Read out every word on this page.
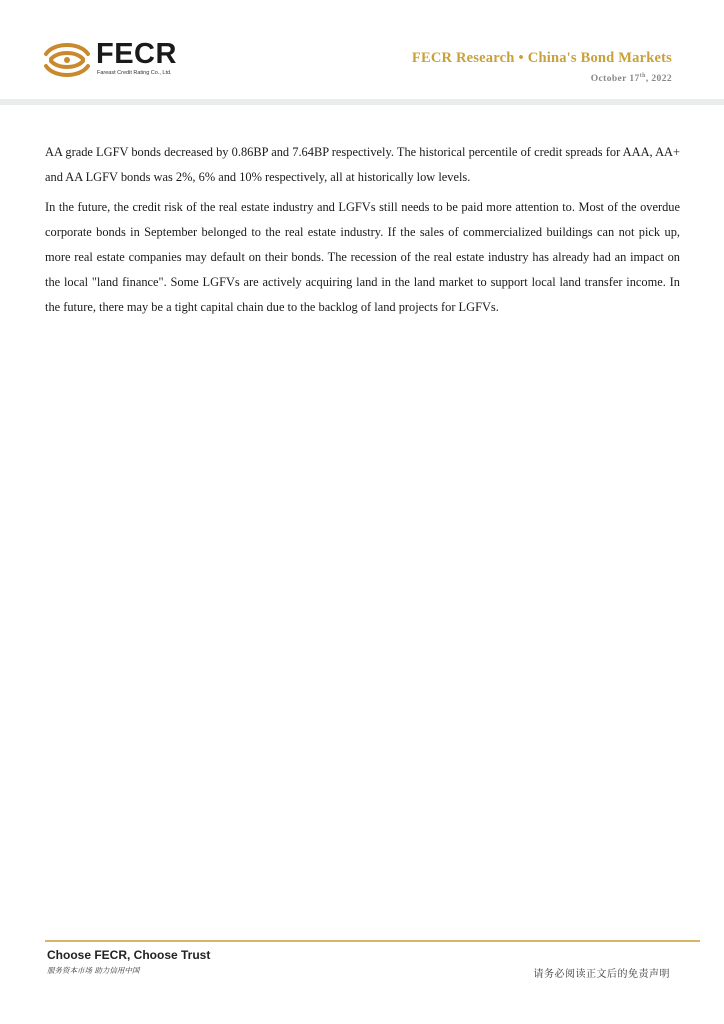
FECR
Fareast Credit Rating Co., Ltd.
FECR Research • China's Bond Markets
October 17th, 2022

AA grade LGFV bonds decreased by 0.86BP and 7.64BP respectively. The historical percentile of credit spreads for AAA, AA+ and AA LGFV bonds was 2%, 6% and 10% respectively, all at historically low levels.

In the future, the credit risk of the real estate industry and LGFVs still needs to be paid more attention to. Most of the overdue corporate bonds in September belonged to the real estate industry. If the sales of commercialized buildings can not pick up, more real estate companies may default on their bonds. The recession of the real estate industry has already had an impact on the local "land finance". Some LGFVs are actively acquiring land in the land market to support local land transfer income. In the future, there may be a tight capital chain due to the backlog of land projects for LGFVs.

Choose FECR, Choose Trust
服务资本市场 助力信用中国	请务必阅读正文后的免责声明
